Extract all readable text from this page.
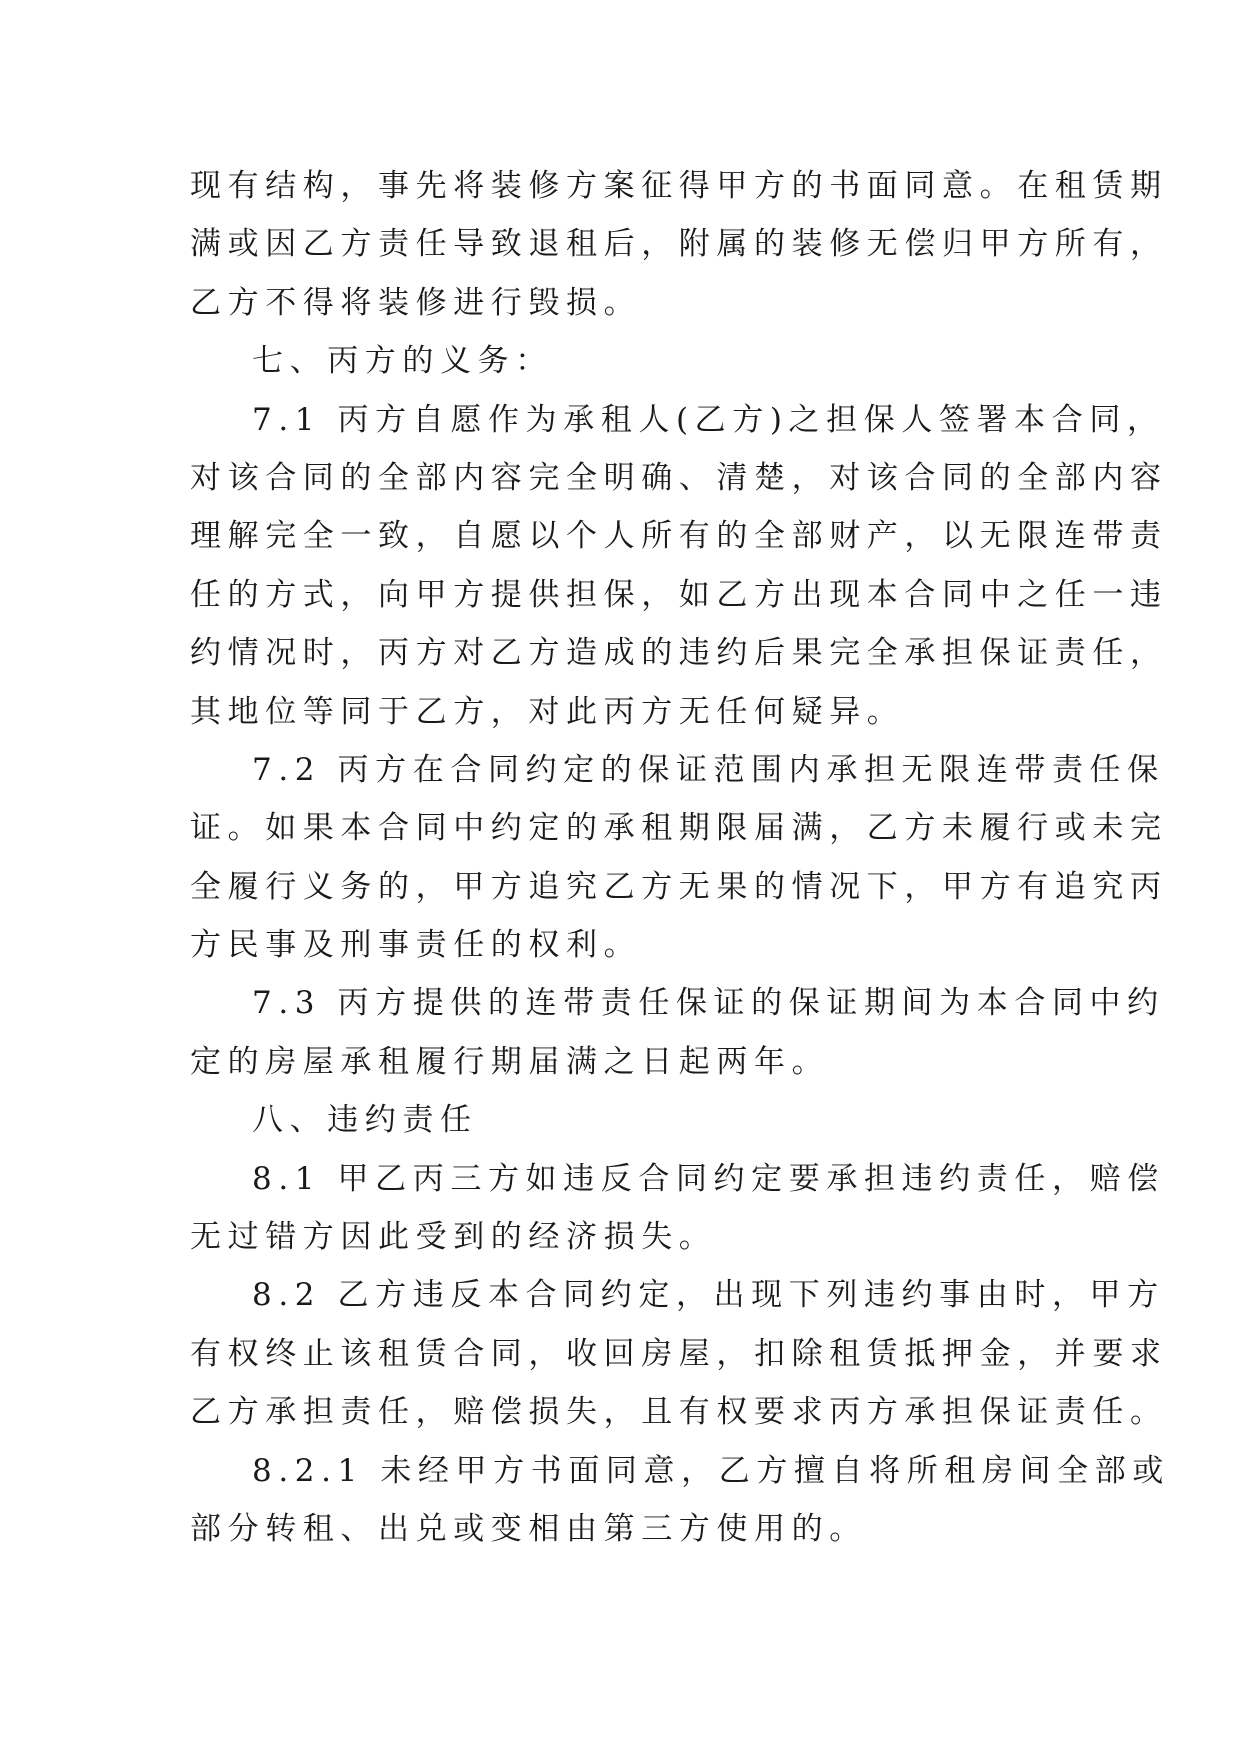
现有结构，事先将装修方案征得甲方的书面同意。在租赁期
满或因乙方责任导致退租后，附属的装修无偿归甲方所有，
乙方不得将装修进行毁损。
七、丙方的义务：
7.1 丙方自愿作为承租人(乙方)之担保人签署本合同，
对该合同的全部内容完全明确、清楚，对该合同的全部内容
理解完全一致，自愿以个人所有的全部财产，以无限连带责
任的方式，向甲方提供担保，如乙方出现本合同中之任一违
约情况时，丙方对乙方造成的违约后果完全承担保证责任，
其地位等同于乙方，对此丙方无任何疑异。
7.2 丙方在合同约定的保证范围内承担无限连带责任保
证。如果本合同中约定的承租期限届满，乙方未履行或未完
全履行义务的，甲方追究乙方无果的情况下，甲方有追究丙
方民事及刑事责任的权利。
7.3 丙方提供的连带责任保证的保证期间为本合同中约
定的房屋承租履行期届满之日起两年。
八、违约责任
8.1 甲乙丙三方如违反合同约定要承担违约责任，赔偿
无过错方因此受到的经济损失。
8.2 乙方违反本合同约定，出现下列违约事由时，甲方
有权终止该租赁合同，收回房屋，扣除租赁抵押金，并要求
乙方承担责任，赔偿损失，且有权要求丙方承担保证责任。
8.2.1 未经甲方书面同意，乙方擅自将所租房间全部或
部分转租、出兑或变相由第三方使用的。
